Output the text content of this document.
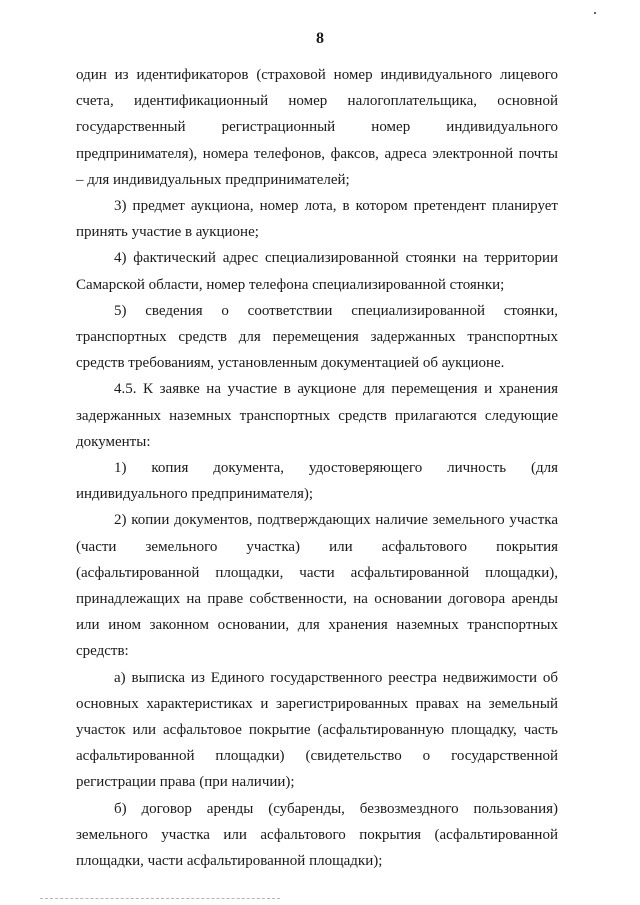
8

один из идентификаторов (страховой номер индивидуального лицевого счета, идентификационный номер налогоплательщика, основной государственный регистрационный номер индивидуального предпринимателя), номера телефонов, факсов, адреса электронной почты – для индивидуальных предпринимателей;

3) предмет аукциона, номер лота, в котором претендент планирует принять участие в аукционе;

4) фактический адрес специализированной стоянки на территории Самарской области, номер телефона специализированной стоянки;

5) сведения о соответствии специализированной стоянки, транспортных средств для перемещения задержанных транспортных средств требованиям, установленным документацией об аукционе.

4.5. К заявке на участие в аукционе для перемещения и хранения задержанных наземных транспортных средств прилагаются следующие документы:

1) копия документа, удостоверяющего личность (для индивидуального предпринимателя);

2) копии документов, подтверждающих наличие земельного участка (части земельного участка) или асфальтового покрытия (асфальтированной площадки, части асфальтированной площадки), принадлежащих на праве собственности, на основании договора аренды или ином законном основании, для хранения наземных транспортных средств:

а) выписка из Единого государственного реестра недвижимости об основных характеристиках и зарегистрированных правах на земельный участок или асфальтовое покрытие (асфальтированную площадку, часть асфальтированной площадки) (свидетельство о государственной регистрации права (при наличии);

б) договор аренды (субаренды, безвозмездного пользования) земельного участка или асфальтового покрытия (асфальтированной площадки, части асфальтированной площадки);
